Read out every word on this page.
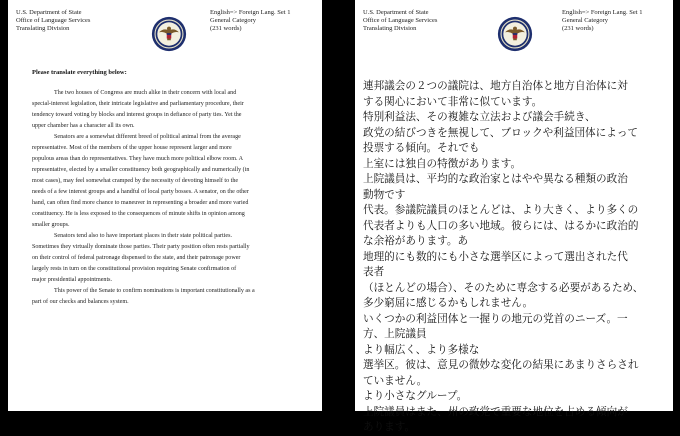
U.S. Department of State
Office of Language Services
Translating Division
English=> Foreign Lang. Set 1
General Category
(231 words)
Please translate everything below:
The two houses of Congress are much alike in their concern with local and
special-interest legislation, their intricate legislative and parliamentary procedure, their
tendency toward voting by blocks and interest groups in defiance of party ties. Yet the
upper chamber has a character all its own.
Senators are a somewhat different breed of political animal from the average
representative. Most of the members of the upper house represent larger and more
populous areas than do representatives. They have much more political elbow room. A
representative, elected by a smaller constituency both geographically and numerically (in
most cases), may feel somewhat cramped by the necessity of devoting himself to the
needs of a few interest groups and a handful of local party bosses. A senator, on the other
hand, can often find more chance to maneuver in representing a broader and more varied
constituency. He is less exposed to the consequences of minute shifts in opinion among
smaller groups.
Senators tend also to have important places in their state political parties.
Sometimes they virtually dominate those parties. Their party position often rests partially
on their control of federal patronage dispensed to the state, and their patronage power
largely rests in turn on the constitutional provision requiring Senate confirmation of
major presidential appointments.
This power of the Senate to confirm nominations is important constitutionally as a
part of our checks and balances system.
U.S. Department of State
Office of Language Services
Translating Division
English=> Foreign Lang. Set 1
General Category
(231 words)
連邦議会の２つの議院は、地方自治体と地方自治体に対
する関心において非常に似ています。
特別利益法、その複雑な立法および議会手続き、
政党の結びつきを無視して、ブロックや利益団体によって
投票する傾向。それでも
上室には独自の特徴があります。
上院議員は、平均的な政治家とはやや異なる種類の政治
動物です
代表。参議院議員のほとんどは、より大きく、より多くの
代表者よりも人口の多い地域。彼らには、はるかに政治的
な余裕があります。あ
地理的にも数的にも小さな選挙区によって選出された代
表者
（ほとんどの場合）、そのために専念する必要があるため、
多少窮屈に感じるかもしれません。
いくつかの利益団体と一握りの地元の党首のニーズ。一
方、上院議員
より幅広く、より多様な
選挙区。彼は、意見の微妙な変化の結果にあまりさらされ
ていません。
より小さなグループ。
上院議員はまた、州の政党で重要な地位を占める傾向が
あります。
